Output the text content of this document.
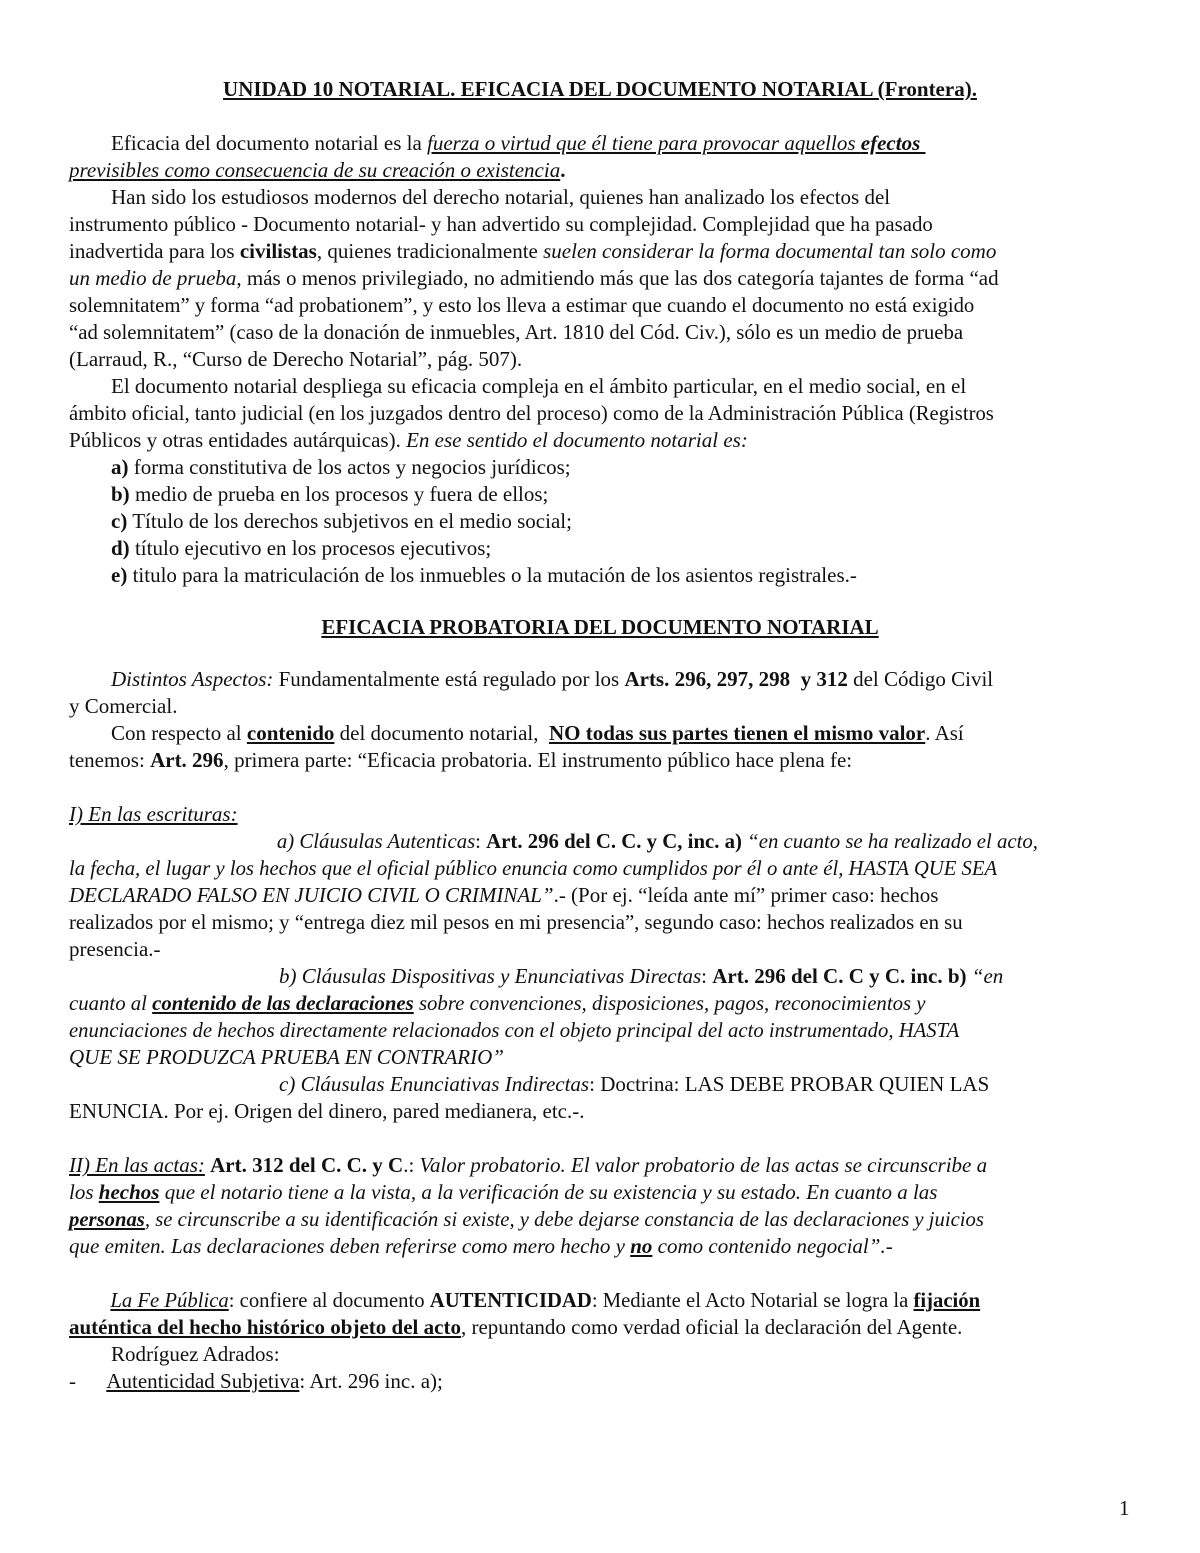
UNIDAD 10 NOTARIAL. EFICACIA DEL DOCUMENTO NOTARIAL (Frontera).
Eficacia del documento notarial es la fuerza o virtud que él tiene para provocar aquellos efectos
previsibles como consecuencia de su creación o existencia.
Han sido los estudiosos modernos del derecho notarial, quienes han analizado los efectos del
instrumento público - Documento notarial- y han advertido su complejidad. Complejidad que ha pasado
inadvertida para los civilistas, quienes tradicionalmente suelen considerar la forma documental tan solo como
un medio de prueba, más o menos privilegiado, no admitiendo más que las dos categoría tajantes de forma “ad
solemnitatem” y forma “ad probationem”, y esto los lleva a estimar que cuando el documento no está exigido
“ad solemnitatem” (caso de la donación de inmuebles, Art. 1810 del Cód. Civ.), sólo es un medio de prueba
(Larraud, R., “Curso de Derecho Notarial”, pág. 507).
El documento notarial despliega su eficacia compleja en el ámbito particular, en el medio social, en el
ámbito oficial, tanto judicial (en los juzgados dentro del proceso) como de la Administración Pública (Registros
Públicos y otras entidades autárquicas). En ese sentido el documento notarial es:
a) forma constitutiva de los actos y negocios jurídicos;
b) medio de prueba en los procesos y fuera de ellos;
c) Título de los derechos subjetivos en el medio social;
d) título ejecutivo en los procesos ejecutivos;
e) titulo para la matriculación de los inmuebles o la mutación de los asientos registrales.-
Distintos Aspectos: Fundamentalmente está regulado por los Arts. 296, 297, 298  y 312 del Código Civil
y Comercial.
Con respecto al contenido del documento notarial,  NO todas sus partes tienen el mismo valor. Así
tenemos: Art. 296, primera parte: “Eficacia probatoria. El instrumento público hace plena fe:
I) En las escrituras:
a) Cláusulas Autenticas: Art. 296 del C. C. y C, inc. a) “en cuanto se ha realizado el acto,
la fecha, el lugar y los hechos que el oficial público enuncia como cumplidos por él o ante él, HASTA QUE SEA
DECLARADO FALSO EN JUICIO CIVIL O CRIMINAL”.- (Por ej. “leída ante mí” primer caso: hechos
realizados por el mismo; y “entrega diez mil pesos en mi presencia”, segundo caso: hechos realizados en su
presencia.-
b) Cláusulas Dispositivas y Enunciativas Directas: Art. 296 del C. C y C. inc. b) “en
cuanto al contenido de las declaraciones sobre convenciones, disposiciones, pagos, reconocimientos y
enunciaciones de hechos directamente relacionados con el objeto principal del acto instrumentado, HASTA
QUE SE PRODUZCA PRUEBA EN CONTRARIO”
c) Cláusulas Enunciativas Indirectas: Doctrina: LAS DEBE PROBAR QUIEN LAS
ENUNCIA. Por ej. Origen del dinero, pared medianera, etc.-.
II) En las actas: Art. 312 del C. C. y C.: Valor probatorio. El valor probatorio de las actas se circunscribe a
los hechos que el notario tiene a la vista, a la verificación de su existencia y su estado. En cuanto a las
personas, se circunscribe a su identificación si existe, y debe dejarse constancia de las declaraciones y juicios
que emiten. Las declaraciones deben referirse como mero hecho y no como contenido negocial”.-
La Fe Pública: confiere al documento AUTENTICIDAD: Mediante el Acto Notarial se logra la fijación
auténtica del hecho histórico objeto del acto, repuntando como verdad oficial la declaración del Agente.
Rodríguez Adrados:
-      Autenticidad Subjetiva: Art. 296 inc. a);
EFICACIA PROBATORIA DEL DOCUMENTO NOTARIAL
1
